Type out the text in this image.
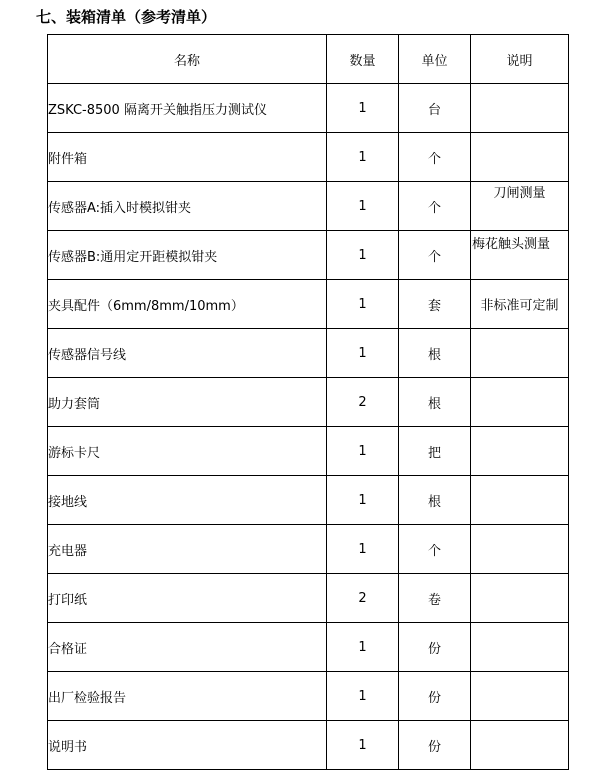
七、装箱清单（参考清单）
名称	数量	单位	说明
ZSKC-8500 隔离开关触指压力测试仪	1	台	

附件箱	1	个	

传感器A:插入时模拟钳夹	1	个	刀闸测量

传感器B:通用定开距模拟钳夹	1	个	梅花触头测量

夹具配件（6mm/8mm/10mm）	1	套	非标准可定制

传感器信号线	1	根	

助力套筒	2	根	

游标卡尺	1	把	

接地线	1	根	

充电器	1	个	

打印纸	2	卷	

合格证	1	份	

出厂检验报告	1	份	

说明书	1	份	
